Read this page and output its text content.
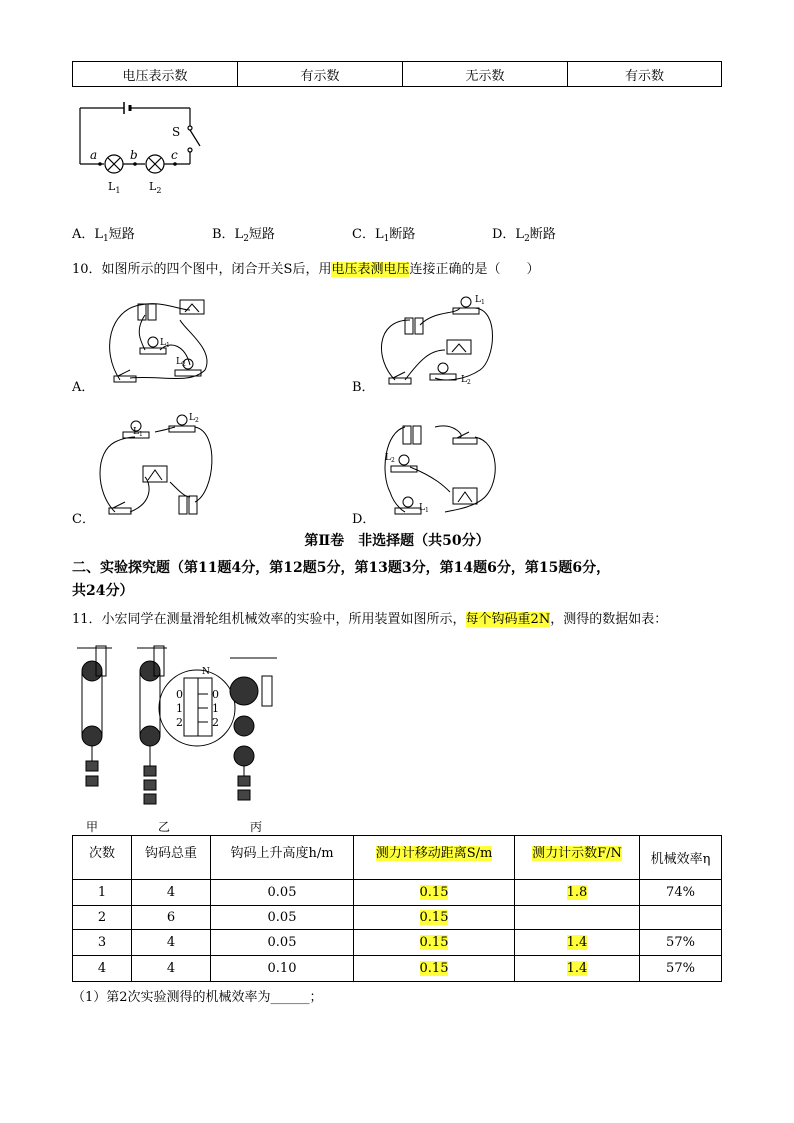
电压表示数	有示数	无示数	有示数
a	b	c
S
$L_1$	$L_2$
A．$L_1$短路	B．$L_2$短路	C．$L_1$断路	D．$L_2$断路
10．如图所示的四个图中，闭合开关S后，用电压表测电压连接正确的是（　　）
A．	B．
C．	D．
$L_1$
$L_2$
$L_1$
$L_2$
$L_1$
$L_2$
$L_2$
$L_1$
第Ⅱ卷　非选择题（共50分）
二、实验探究题（第11题4分，第12题5分，第13题3分，第14题6分，第15题6分，
共24分）
11．小宏同学在测量滑轮组机械效率的实验中，所用装置如图所示，每个钩码重2N，测得的数据如表：
N
0
1
2
0
1
2
甲	乙	丙
次数	钩码总重	钩码上升高度h/m	测力计移动距离S/m	测力计示数F/N	机械效率η
1	4	0.05	0.15	1.8	74%
2	6	0.05	0.15		
3	4	0.05	0.15	1.4	57%
4	4	0.10	0.15	1.4	57%
（1）第2次实验测得的机械效率为______；
